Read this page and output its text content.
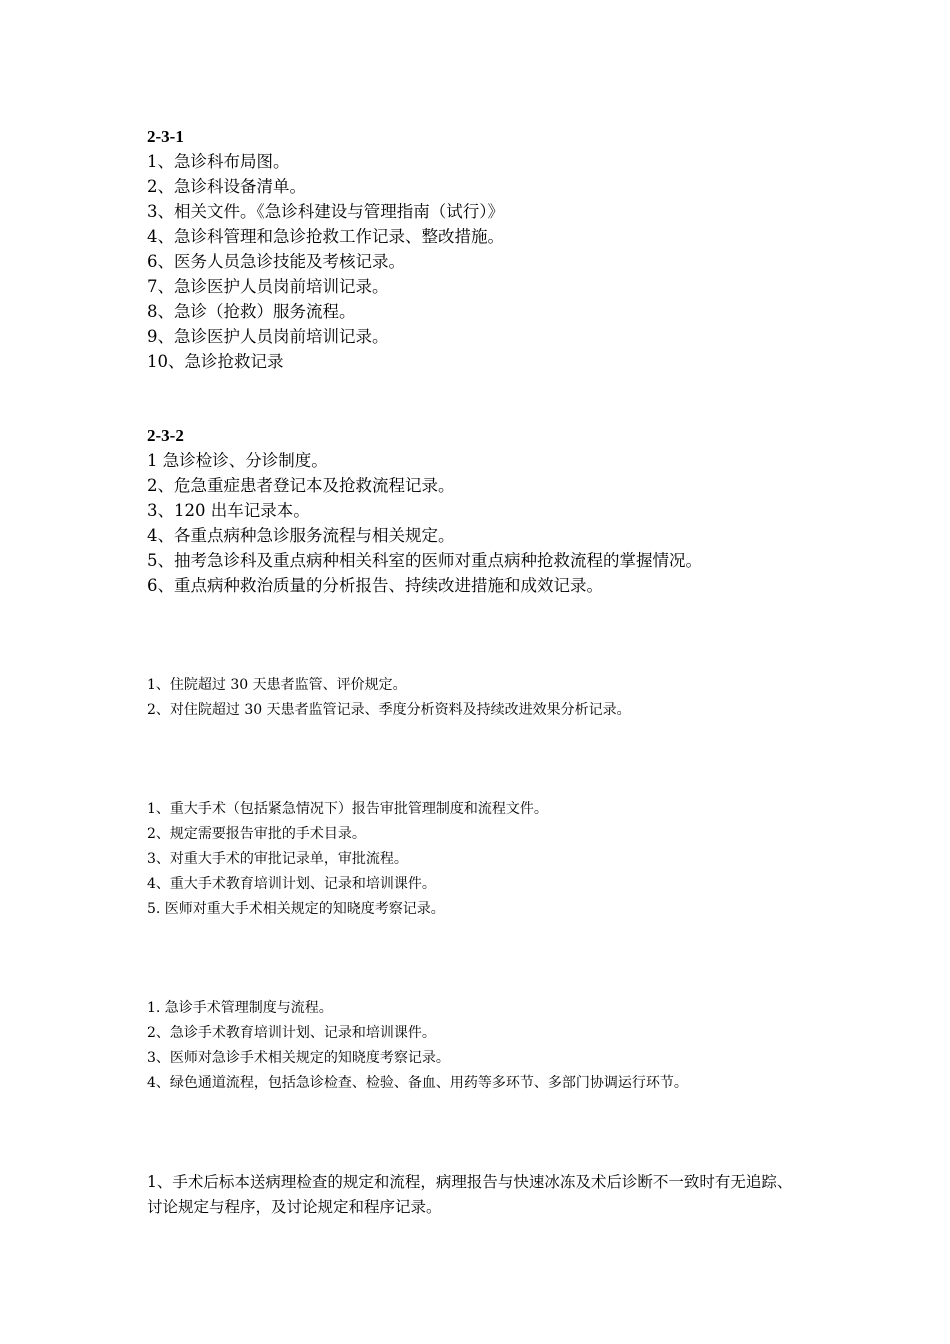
2-3-1

1、急诊科布局图。

2、急诊科设备清单。

3、相关文件。《急诊科建设与管理指南（试行）》

4、急诊科管理和急诊抢救工作记录、整改措施。

6、医务人员急诊技能及考核记录。

7、急诊医护人员岗前培训记录。

8、急诊（抢救）服务流程。

9、急诊医护人员岗前培训记录。

10、急诊抢救记录

2-3-2

1 急诊检诊、分诊制度。

2、危急重症患者登记本及抢救流程记录。

3、120 出车记录本。

4、各重点病种急诊服务流程与相关规定。

5、抽考急诊科及重点病种相关科室的医师对重点病种抢救流程的掌握情况。

6、重点病种救治质量的分析报告、持续改进措施和成效记录。

1、住院超过 30 天患者监管、评价规定。

2、对住院超过 30 天患者监管记录、季度分析资料及持续改进效果分析记录。

1、重大手术（包括紧急情况下）报告审批管理制度和流程文件。

2、规定需要报告审批的手术目录。

3、对重大手术的审批记录单，审批流程。

4、重大手术教育培训计划、记录和培训课件。

5. 医师对重大手术相关规定的知晓度考察记录。

1. 急诊手术管理制度与流程。

2、急诊手术教育培训计划、记录和培训课件。

3、医师对急诊手术相关规定的知晓度考察记录。

4、绿色通道流程，包括急诊检查、检验、备血、用药等多环节、多部门协调运行环节。

1、手术后标本送病理检查的规定和流程，病理报告与快速冰冻及术后诊断不一致时有无追踪、讨论规定与程序，及讨论规定和程序记录。
